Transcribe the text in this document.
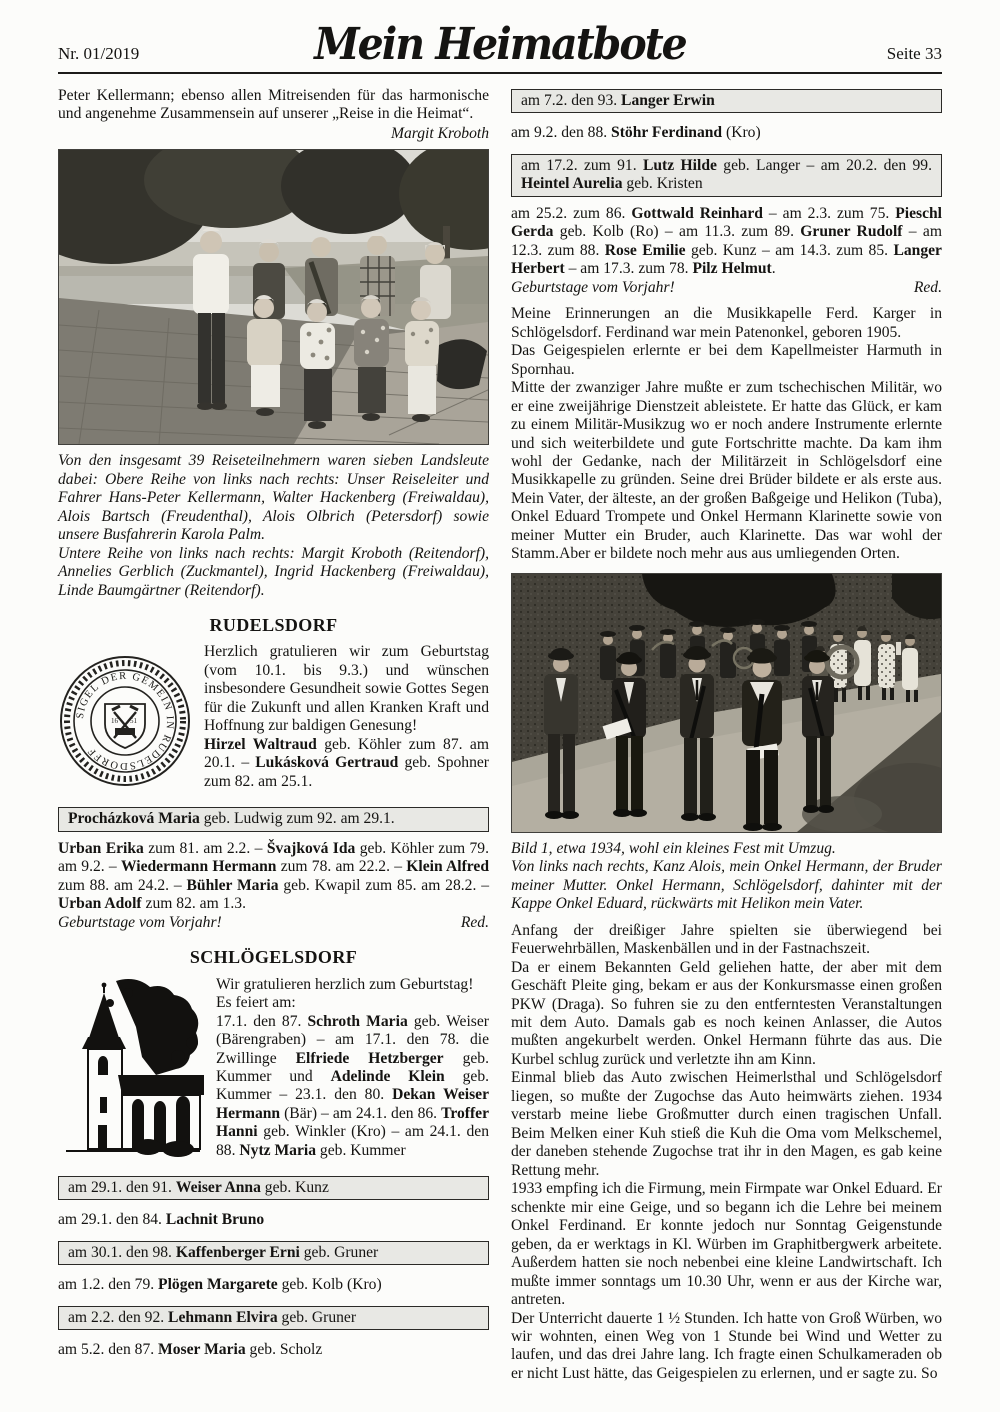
Nr. 01/2019	Mein Heimatbote	Seite 33

Peter Kellermann; ebenso allen Mitreisenden für das harmonische und angenehme Zusammensein auf unserer „Reise in die Heimat“.

Margit Kroboth

Von den insgesamt 39 Reiseteilnehmern waren sieben Landsleute dabei: Obere Reihe von links nach rechts: Unser Reiseleiter und Fahrer Hans-Peter Kellermann, Walter Hackenberg (Freiwaldau), Alois Bartsch (Freudenthal), Alois Olbrich (Petersdorf) sowie unsere Busfahrerin Karola Palm.

Untere Reihe von links nach rechts: Margit Kroboth (Reitendorf), Annelies Gerblich (Zuckmantel), Ingrid Hackenberg (Freiwaldau), Linde Baumgärtner (Reitendorf).

RUDELSDORF
SIGEL DER GEMEIN IN RUDELSDORFF
16 51

Herzlich gratulieren wir zum Geburtstag (vom 10.1. bis 9.3.) und wünschen insbesondere Gesundheit sowie Gottes Segen für die Zukunft und allen Kranken Kraft und Hoffnung zur baldigen Genesung!

Hirzel Waltraud geb. Köhler zum 87. am 20.1. – Lukásková Gertraud geb. Spohner zum 82. am 25.1.

Procházková Maria geb. Ludwig zum 92. am 29.1.

Urban Erika zum 81. am 2.2. – Švajková Ida geb. Köhler zum 79. am 9.2. – Wiedermann Hermann zum 78. am 22.2. – Klein Alfred zum 88. am 24.2. – Bühler Maria geb. Kwapil zum 85. am 28.2. – Urban Adolf zum 82. am 1.3.

Geburtstage vom Vorjahr!	Red.
SCHLÖGELSDORF

Wir gratulieren herzlich zum Geburtstag!

Es feiert am:

17.1. den 87. Schroth Maria geb. Weiser (Bärengraben) – am 17.1. den 78. die Zwillinge Elfriede Hetzberger geb. Kummer und Adelinde Klein geb. Kummer – 23.1. den 80. Dekan Weiser Hermann (Bär) – am 24.1. den 86. Troffer Hanni geb. Winkler (Kro) – am 24.1. den 88. Nytz Maria geb. Kummer

am 29.1. den 91. Weiser Anna geb. Kunz
am 29.1. den 84. Lachnit Bruno
am 30.1. den 98. Kaffenberger Erni geb. Gruner
am 1.2. den 79. Plögen Margarete geb. Kolb (Kro)
am 2.2. den 92. Lehmann Elvira geb. Gruner
am 5.2. den 87. Moser Maria geb. Scholz
am 7.2. den 93. Langer Erwin
am 9.2. den 88. Stöhr Ferdinand (Kro)
am 17.2. zum 91. Lutz Hilde geb. Langer – am 20.2. den 99. Heintel Aurelia geb. Kristen

am 25.2. zum 86. Gottwald Reinhard – am 2.3. zum 75. Pieschl Gerda geb. Kolb (Ro) – am 11.3. zum 89. Gruner Rudolf – am 12.3. zum 88. Rose Emilie geb. Kunz – am 14.3. zum 85. Langer Herbert – am 17.3. zum 78. Pilz Helmut.

Geburtstage vom Vorjahr!	Red.

Meine Erinnerungen an die Musikkapelle Ferd. Karger in Schlögelsdorf. Ferdinand war mein Patenonkel, geboren 1905.

Das Geigespielen erlernte er bei dem Kapellmeister Harmuth in Spornhau.

Mitte der zwanziger Jahre mußte er zum tschechischen Militär, wo er eine zweijährige Dienstzeit ableistete. Er hatte das Glück, er kam zu einem Militär-Musikzug wo er noch andere Instrumente erlernte und sich weiterbildete und gute Fortschritte machte. Da kam ihm wohl der Gedanke, nach der Militärzeit in Schlögelsdorf eine Musikkapelle zu gründen. Seine drei Brüder bildete er als erste aus. Mein Vater, der älteste, an der großen Baßgeige und Helikon (Tuba), Onkel Eduard Trompete und Onkel Hermann Klarinette sowie von meiner Mutter ein Bruder, auch Klarinette. Das war wohl der Stamm.Aber er bildete noch mehr aus aus umliegenden Orten.

Bild 1, etwa 1934, wohl ein kleines Fest mit Umzug.

Von links nach rechts, Kanz Alois, mein Onkel Hermann, der Bruder meiner Mutter. Onkel Hermann, Schlögelsdorf, dahinter mit der Kappe Onkel Eduard, rückwärts mit Helikon mein Vater.

Anfang der dreißiger Jahre spielten sie überwiegend bei Feuerwehrbällen, Maskenbällen und in der Fastnachszeit.

Da er einem Bekannten Geld geliehen hatte, der aber mit dem Geschäft Pleite ging, bekam er aus der Konkursmasse einen großen PKW (Draga). So fuhren sie zu den entferntesten Veranstaltungen mit dem Auto. Damals gab es noch keinen Anlasser, die Autos mußten angekurbelt werden. Onkel Hermann führte das aus. Die Kurbel schlug zurück und verletzte ihn am Kinn.

Einmal blieb das Auto zwischen Heimerlsthal und Schlögelsdorf liegen, so mußte der Zugochse das Auto heimwärts ziehen. 1934 verstarb meine liebe Großmutter durch einen tragischen Unfall. Beim Melken einer Kuh stieß die Kuh die Oma vom Melkschemel, der daneben stehende Zugochse trat ihr in den Magen, es gab keine Rettung mehr.

1933 empfing ich die Firmung, mein Firmpate war Onkel Eduard. Er schenkte mir eine Geige, und so begann ich die Lehre bei meinem Onkel Ferdinand. Er konnte jedoch nur Sonntag Geigenstunde geben, da er werktags in Kl. Würben im Graphitbergwerk arbeitete. Außerdem hatten sie noch nebenbei eine kleine Landwirtschaft. Ich mußte immer sonntags um 10.30 Uhr, wenn er aus der Kirche war, antreten.

Der Unterricht dauerte 1 ½ Stunden. Ich hatte von Groß Würben, wo wir wohnten, einen Weg von 1 Stunde bei Wind und Wetter zu laufen, und das drei Jahre lang. Ich fragte einen Schulkameraden ob er nicht Lust hätte, das Geigespielen zu erlernen, und er sagte zu. So
